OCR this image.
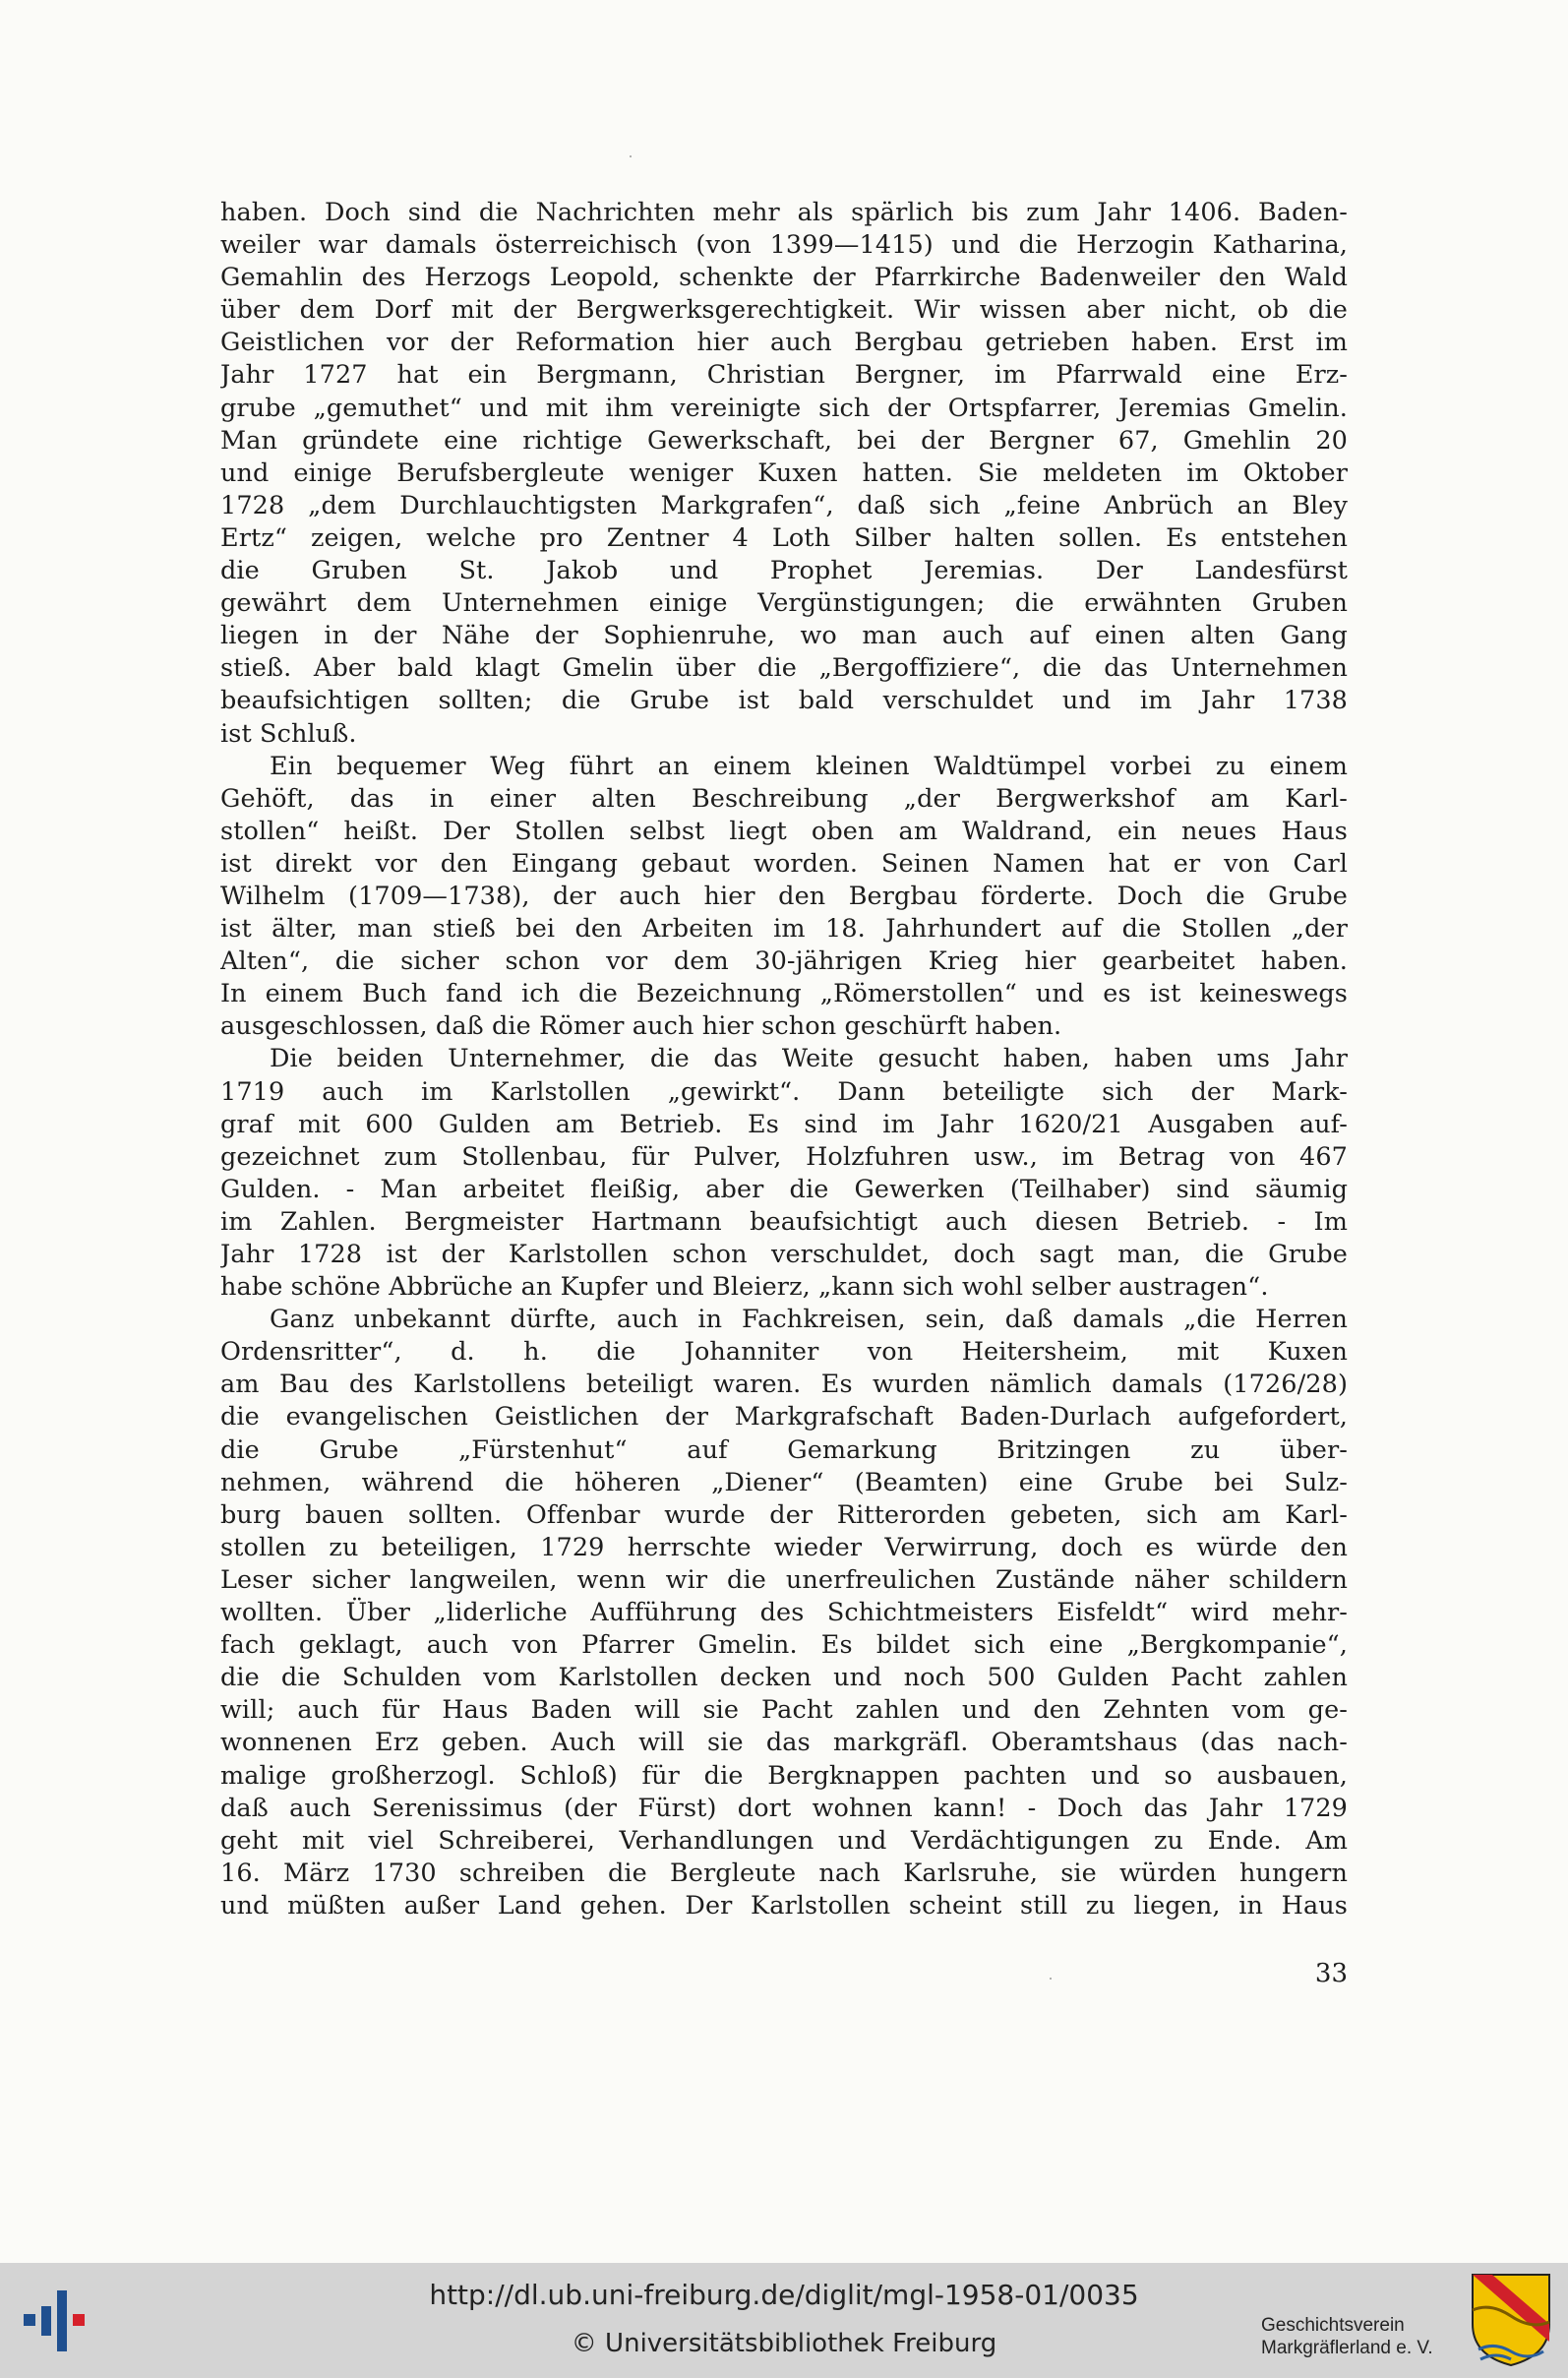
haben. Doch sind die Nachrichten mehr als spärlich bis zum Jahr 1406. Baden-
weiler war damals österreichisch (von 1399—1415) und die Herzogin Katharina,
Gemahlin des Herzogs Leopold, schenkte der Pfarrkirche Badenweiler den Wald
über dem Dorf mit der Bergwerksgerechtigkeit. Wir wissen aber nicht, ob die
Geistlichen vor der Reformation hier auch Bergbau getrieben haben. Erst im
Jahr 1727 hat ein Bergmann, Christian Bergner, im Pfarrwald eine Erz-
grube „gemuthet“ und mit ihm vereinigte sich der Ortspfarrer, Jeremias Gmelin.
Man gründete eine richtige Gewerkschaft, bei der Bergner 67, Gmehlin 20
und einige Berufsbergleute weniger Kuxen hatten. Sie meldeten im Oktober
1728 „dem Durchlauchtigsten Markgrafen“, daß sich „feine Anbrüch an Bley
Ertz“ zeigen, welche pro Zentner 4 Loth Silber halten sollen. Es entstehen
die Gruben St. Jakob und Prophet Jeremias. Der Landesfürst
gewährt dem Unternehmen einige Vergünstigungen; die erwähnten Gruben
liegen in der Nähe der Sophienruhe, wo man auch auf einen alten Gang
stieß. Aber bald klagt Gmelin über die „Bergoffiziere“, die das Unternehmen
beaufsichtigen sollten; die Grube ist bald verschuldet und im Jahr 1738
ist Schluß.
Ein bequemer Weg führt an einem kleinen Waldtümpel vorbei zu einem
Gehöft, das in einer alten Beschreibung „der Bergwerkshof am Karl-
stollen“ heißt. Der Stollen selbst liegt oben am Waldrand, ein neues Haus
ist direkt vor den Eingang gebaut worden. Seinen Namen hat er von Carl
Wilhelm (1709—1738), der auch hier den Bergbau förderte. Doch die Grube
ist älter, man stieß bei den Arbeiten im 18. Jahrhundert auf die Stollen „der
Alten“, die sicher schon vor dem 30-jährigen Krieg hier gearbeitet haben.
In einem Buch fand ich die Bezeichnung „Römerstollen“ und es ist keineswegs
ausgeschlossen, daß die Römer auch hier schon geschürft haben.
Die beiden Unternehmer, die das Weite gesucht haben, haben ums Jahr
1719 auch im Karlstollen „gewirkt“. Dann beteiligte sich der Mark-
graf mit 600 Gulden am Betrieb. Es sind im Jahr 1620/21 Ausgaben auf-
gezeichnet zum Stollenbau, für Pulver, Holzfuhren usw., im Betrag von 467
Gulden. - Man arbeitet fleißig, aber die Gewerken (Teilhaber) sind säumig
im Zahlen. Bergmeister Hartmann beaufsichtigt auch diesen Betrieb. - Im
Jahr 1728 ist der Karlstollen schon verschuldet, doch sagt man, die Grube
habe schöne Abbrüche an Kupfer und Bleierz, „kann sich wohl selber austragen“.
Ganz unbekannt dürfte, auch in Fachkreisen, sein, daß damals „die Herren
Ordensritter“, d. h. die Johanniter von Heitersheim, mit Kuxen
am Bau des Karlstollens beteiligt waren. Es wurden nämlich damals (1726/28)
die evangelischen Geistlichen der Markgrafschaft Baden-Durlach aufgefordert,
die Grube „Fürstenhut“ auf Gemarkung Britzingen zu über-
nehmen, während die höheren „Diener“ (Beamten) eine Grube bei Sulz-
burg bauen sollten. Offenbar wurde der Ritterorden gebeten, sich am Karl-
stollen zu beteiligen, 1729 herrschte wieder Verwirrung, doch es würde den
Leser sicher langweilen, wenn wir die unerfreulichen Zustände näher schildern
wollten. Über „liderliche Aufführung des Schichtmeisters Eisfeldt“ wird mehr-
fach geklagt, auch von Pfarrer Gmelin. Es bildet sich eine „Bergkompanie“,
die die Schulden vom Karlstollen decken und noch 500 Gulden Pacht zahlen
will; auch für Haus Baden will sie Pacht zahlen und den Zehnten vom ge-
wonnenen Erz geben. Auch will sie das markgräfl. Oberamtshaus (das nach-
malige großherzogl. Schloß) für die Bergknappen pachten und so ausbauen,
daß auch Serenissimus (der Fürst) dort wohnen kann! - Doch das Jahr 1729
geht mit viel Schreiberei, Verhandlungen und Verdächtigungen zu Ende. Am
16. März 1730 schreiben die Bergleute nach Karlsruhe, sie würden hungern
und müßten außer Land gehen. Der Karlstollen scheint still zu liegen, in Haus
33
http://dl.ub.uni-freiburg.de/diglit/mgl-1958-01/0035
© Universitätsbibliothek Freiburg
Geschichtsverein
Markgräflerland e. V.
